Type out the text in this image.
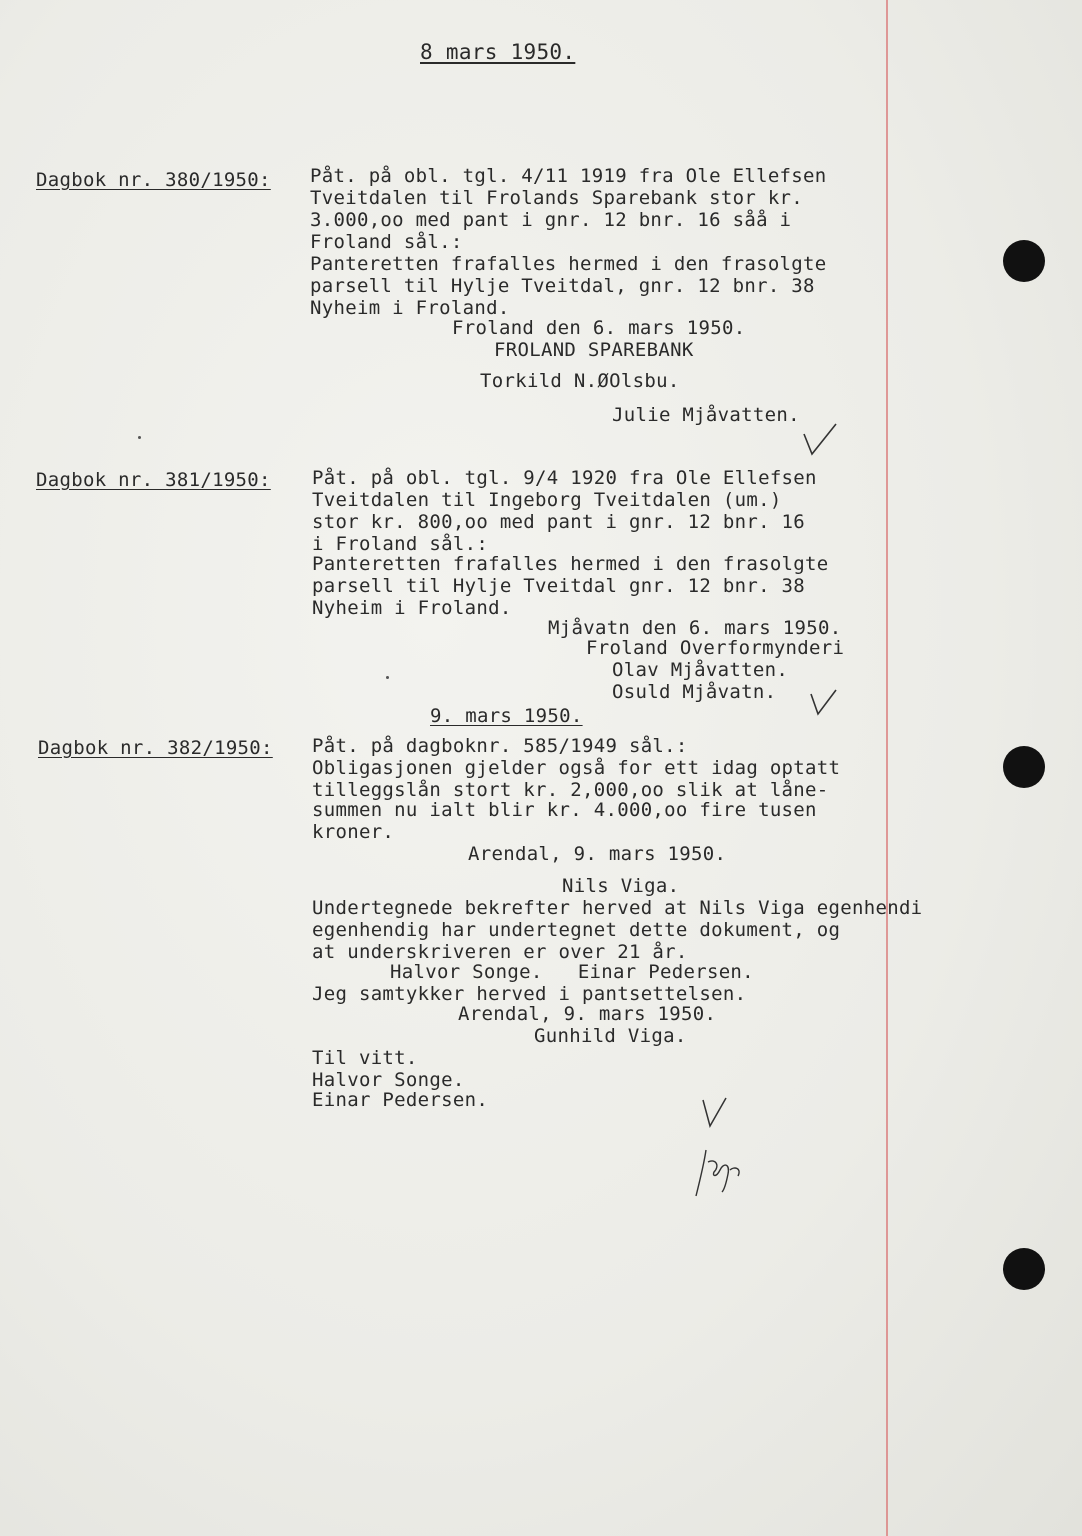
8 mars 1950.
Dagbok nr. 380/1950: Påt. på obl. tgl. 4/11 1919 fra Ole Ellefsen
Tveitdalen til Frolands Sparebank stor kr.
3.000,oo med pant i gnr. 12 bnr. 16 såå i
Froland sål.:
Panteretten frafalles hermed i den frasolgte
parsell til Hylje Tveitdal, gnr. 12 bnr. 38
Nyheim i Froland.
Froland den 6. mars 1950.
FROLAND SPAREBANK
Torkild N.ØOlsbu.
Julie Mjåvatten.
Dagbok nr. 381/1950: Påt. på obl. tgl. 9/4 1920 fra Ole Ellefsen
Tveitdalen til Ingeborg Tveitdalen (um.)
stor kr. 800,oo med pant i gnr. 12 bnr. 16
i Froland sål.:
Panteretten frafalles hermed i den frasolgte
parsell til Hylje Tveitdal gnr. 12 bnr. 38
Nyheim i Froland.
Mjåvatn den 6. mars 1950.
Froland Overformynderi
Olav Mjåvatten.
Osuld Mjåvatn.
9. mars 1950.
Dagbok nr. 382/1950: Påt. på dagboknr. 585/1949 sål.:
Obligasjonen gjelder også for ett idag optatt
tilleggslån stort kr. 2,000,oo slik at låne-
summen nu ialt blir kr. 4.000,oo fire tusen
kroner.
Arendal, 9. mars 1950.
Nils Viga.
Undertegnede bekrefter herved at Nils Viga egenhendi
egenhendig har undertegnet dette dokument, og
at underskriveren er over 21 år.
Halvor Songe.   Einar Pedersen.
Jeg samtykker herved i pantsettelsen.
Arendal, 9. mars 1950.
Gunhild Viga.
Til vitt.
Halvor Songe.
Einar Pedersen.
